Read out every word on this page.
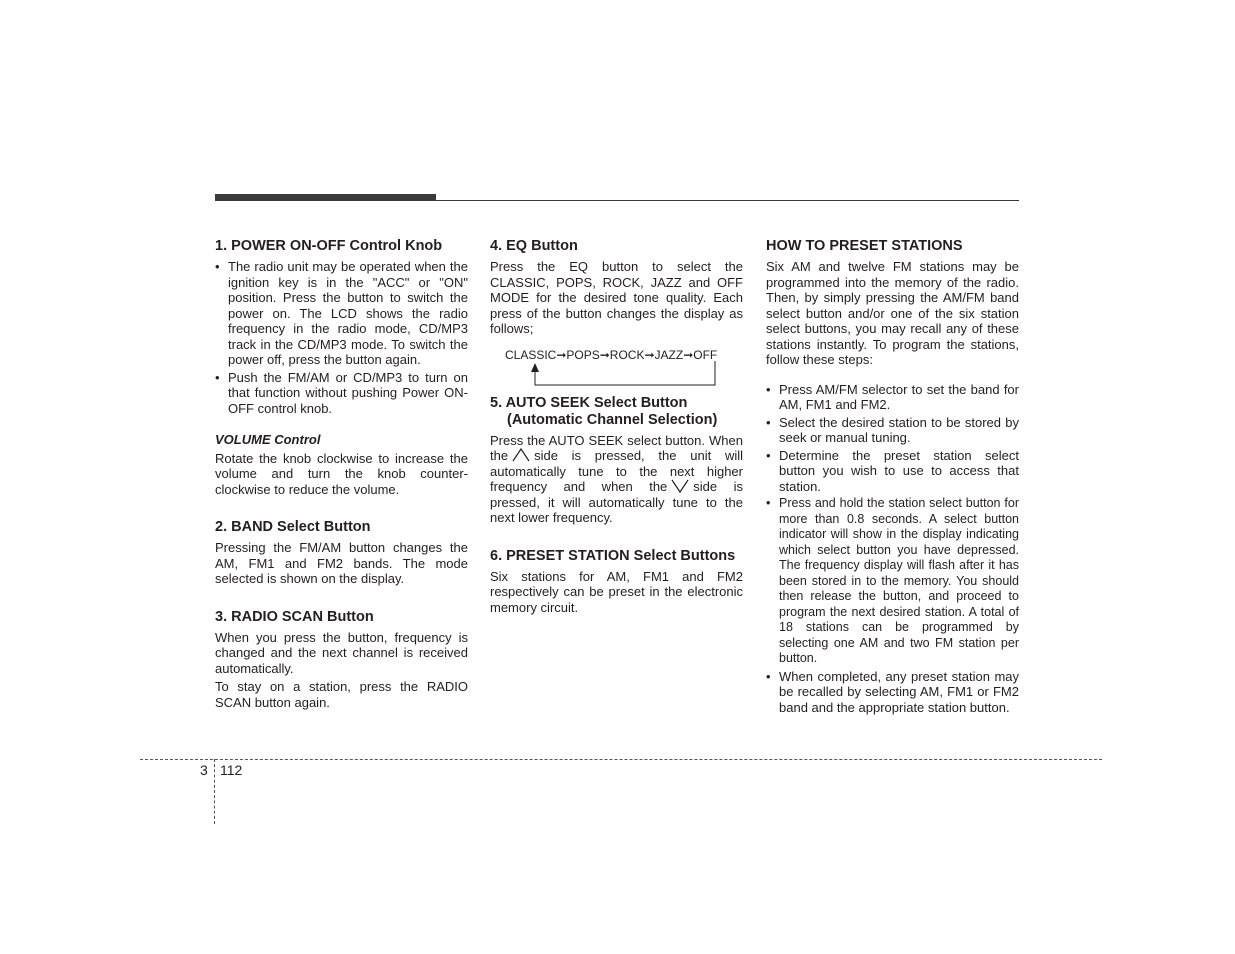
1. POWER ON-OFF Control Knob
• The radio unit may be operated when the ignition key is in the "ACC" or "ON" position. Press the button to switch the power on. The LCD shows the radio frequency in the radio mode, CD/MP3 track in the CD/MP3 mode. To switch the power off, press the button again.
• Push the FM/AM or CD/MP3 to turn on that function without pushing Power ON-OFF control knob.
VOLUME Control

Rotate the knob clockwise to increase the volume and turn the knob counter-clockwise to reduce the volume.

2. BAND Select Button

Pressing the FM/AM button changes the AM, FM1 and FM2 bands. The mode selected is shown on the display.

3. RADIO SCAN Button

When you press the button, frequency is changed and the next channel is received automatically.

To stay on a station, press the RADIO SCAN button again.

4. EQ Button

Press the EQ button to select the CLASSIC, POPS, ROCK, JAZZ and OFF MODE for the desired tone quality. Each press of the button changes the display as follows;

CLASSIC➞POPS➞ROCK➞JAZZ➞OFF
5. AUTO SEEK Select Button (Automatic Channel Selection)

Press the AUTO SEEK select button. When the side is pressed, the unit will automatically tune to the next higher frequency and when the side is pressed, it will automatically tune to the next lower frequency.

6. PRESET STATION Select Buttons

Six stations for AM, FM1 and FM2 respectively can be preset in the electronic memory circuit.

HOW TO PRESET STATIONS

Six AM and twelve FM stations may be programmed into the memory of the radio. Then, by simply pressing the AM/FM band select button and/or one of the six station select buttons, you may recall any of these stations instantly. To program the stations, follow these steps:

• Press AM/FM selector to set the band for AM, FM1 and FM2.
• Select the desired station to be stored by seek or manual tuning.
• Determine the preset station select button you wish to use to access that station.
• Press and hold the station select button for more than 0.8 seconds. A select button indicator will show in the display indicating which select button you have depressed. The frequency display will flash after it has been stored in to the memory. You should then release the button, and proceed to program the next desired station. A total of 18 stations can be programmed by selecting one AM and two FM station per button.
• When completed, any preset station may be recalled by selecting AM, FM1 or FM2 band and the appropriate station button.
3 112
